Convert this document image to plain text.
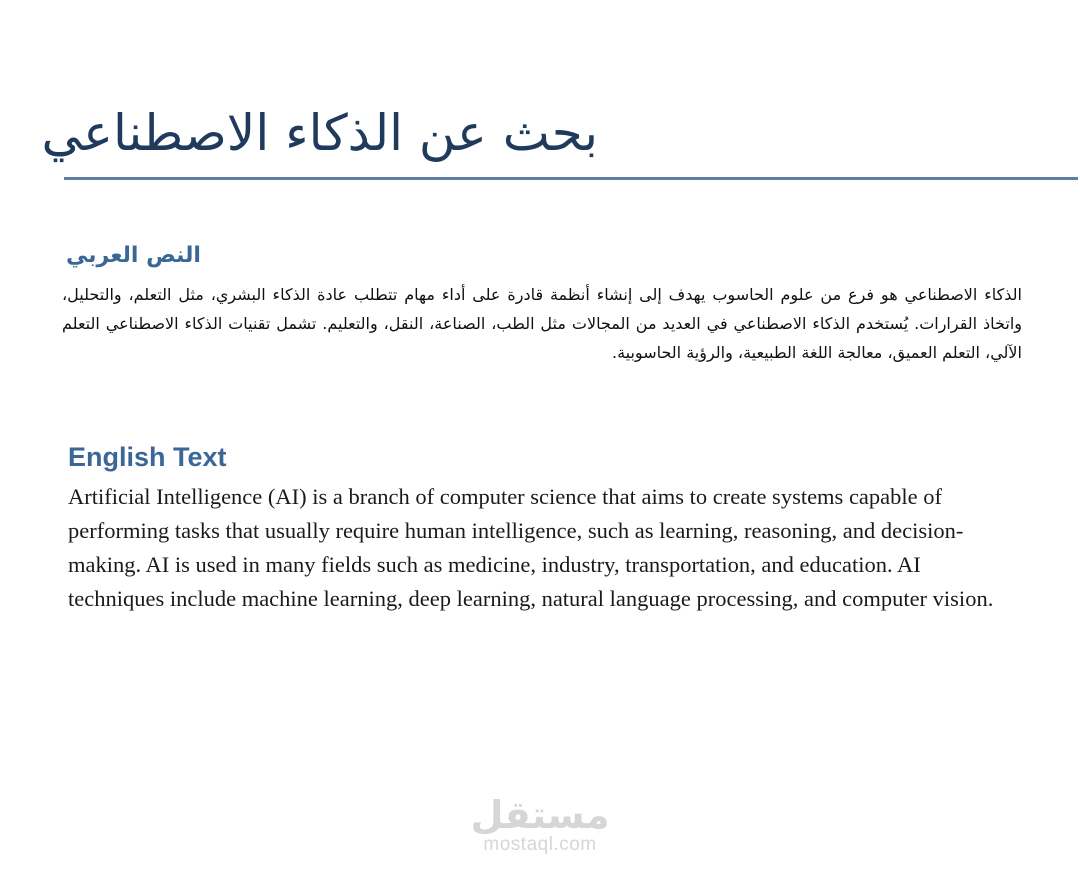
بحث عن الذكاء الاصطناعي
النص العربي

الذكاء الاصطناعي هو فرع من علوم الحاسوب يهدف إلى إنشاء أنظمة قادرة على أداء مهام تتطلب عادة الذكاء البشري، مثل التعلم، والتحليل، واتخاذ القرارات. يُستخدم الذكاء الاصطناعي في العديد من المجالات مثل الطب، الصناعة، النقل، والتعليم. تشمل تقنيات الذكاء الاصطناعي التعلم الآلي، التعلم العميق، معالجة اللغة الطبيعية، والرؤية الحاسوبية.

English Text

Artificial Intelligence (AI) is a branch of computer science that aims to create systems capable of performing tasks that usually require human intelligence, such as learning, reasoning, and decision-making. AI is used in many fields such as medicine, industry, transportation, and education. AI techniques include machine learning, deep learning, natural language processing, and computer vision.

مستقل
mostaql.com
